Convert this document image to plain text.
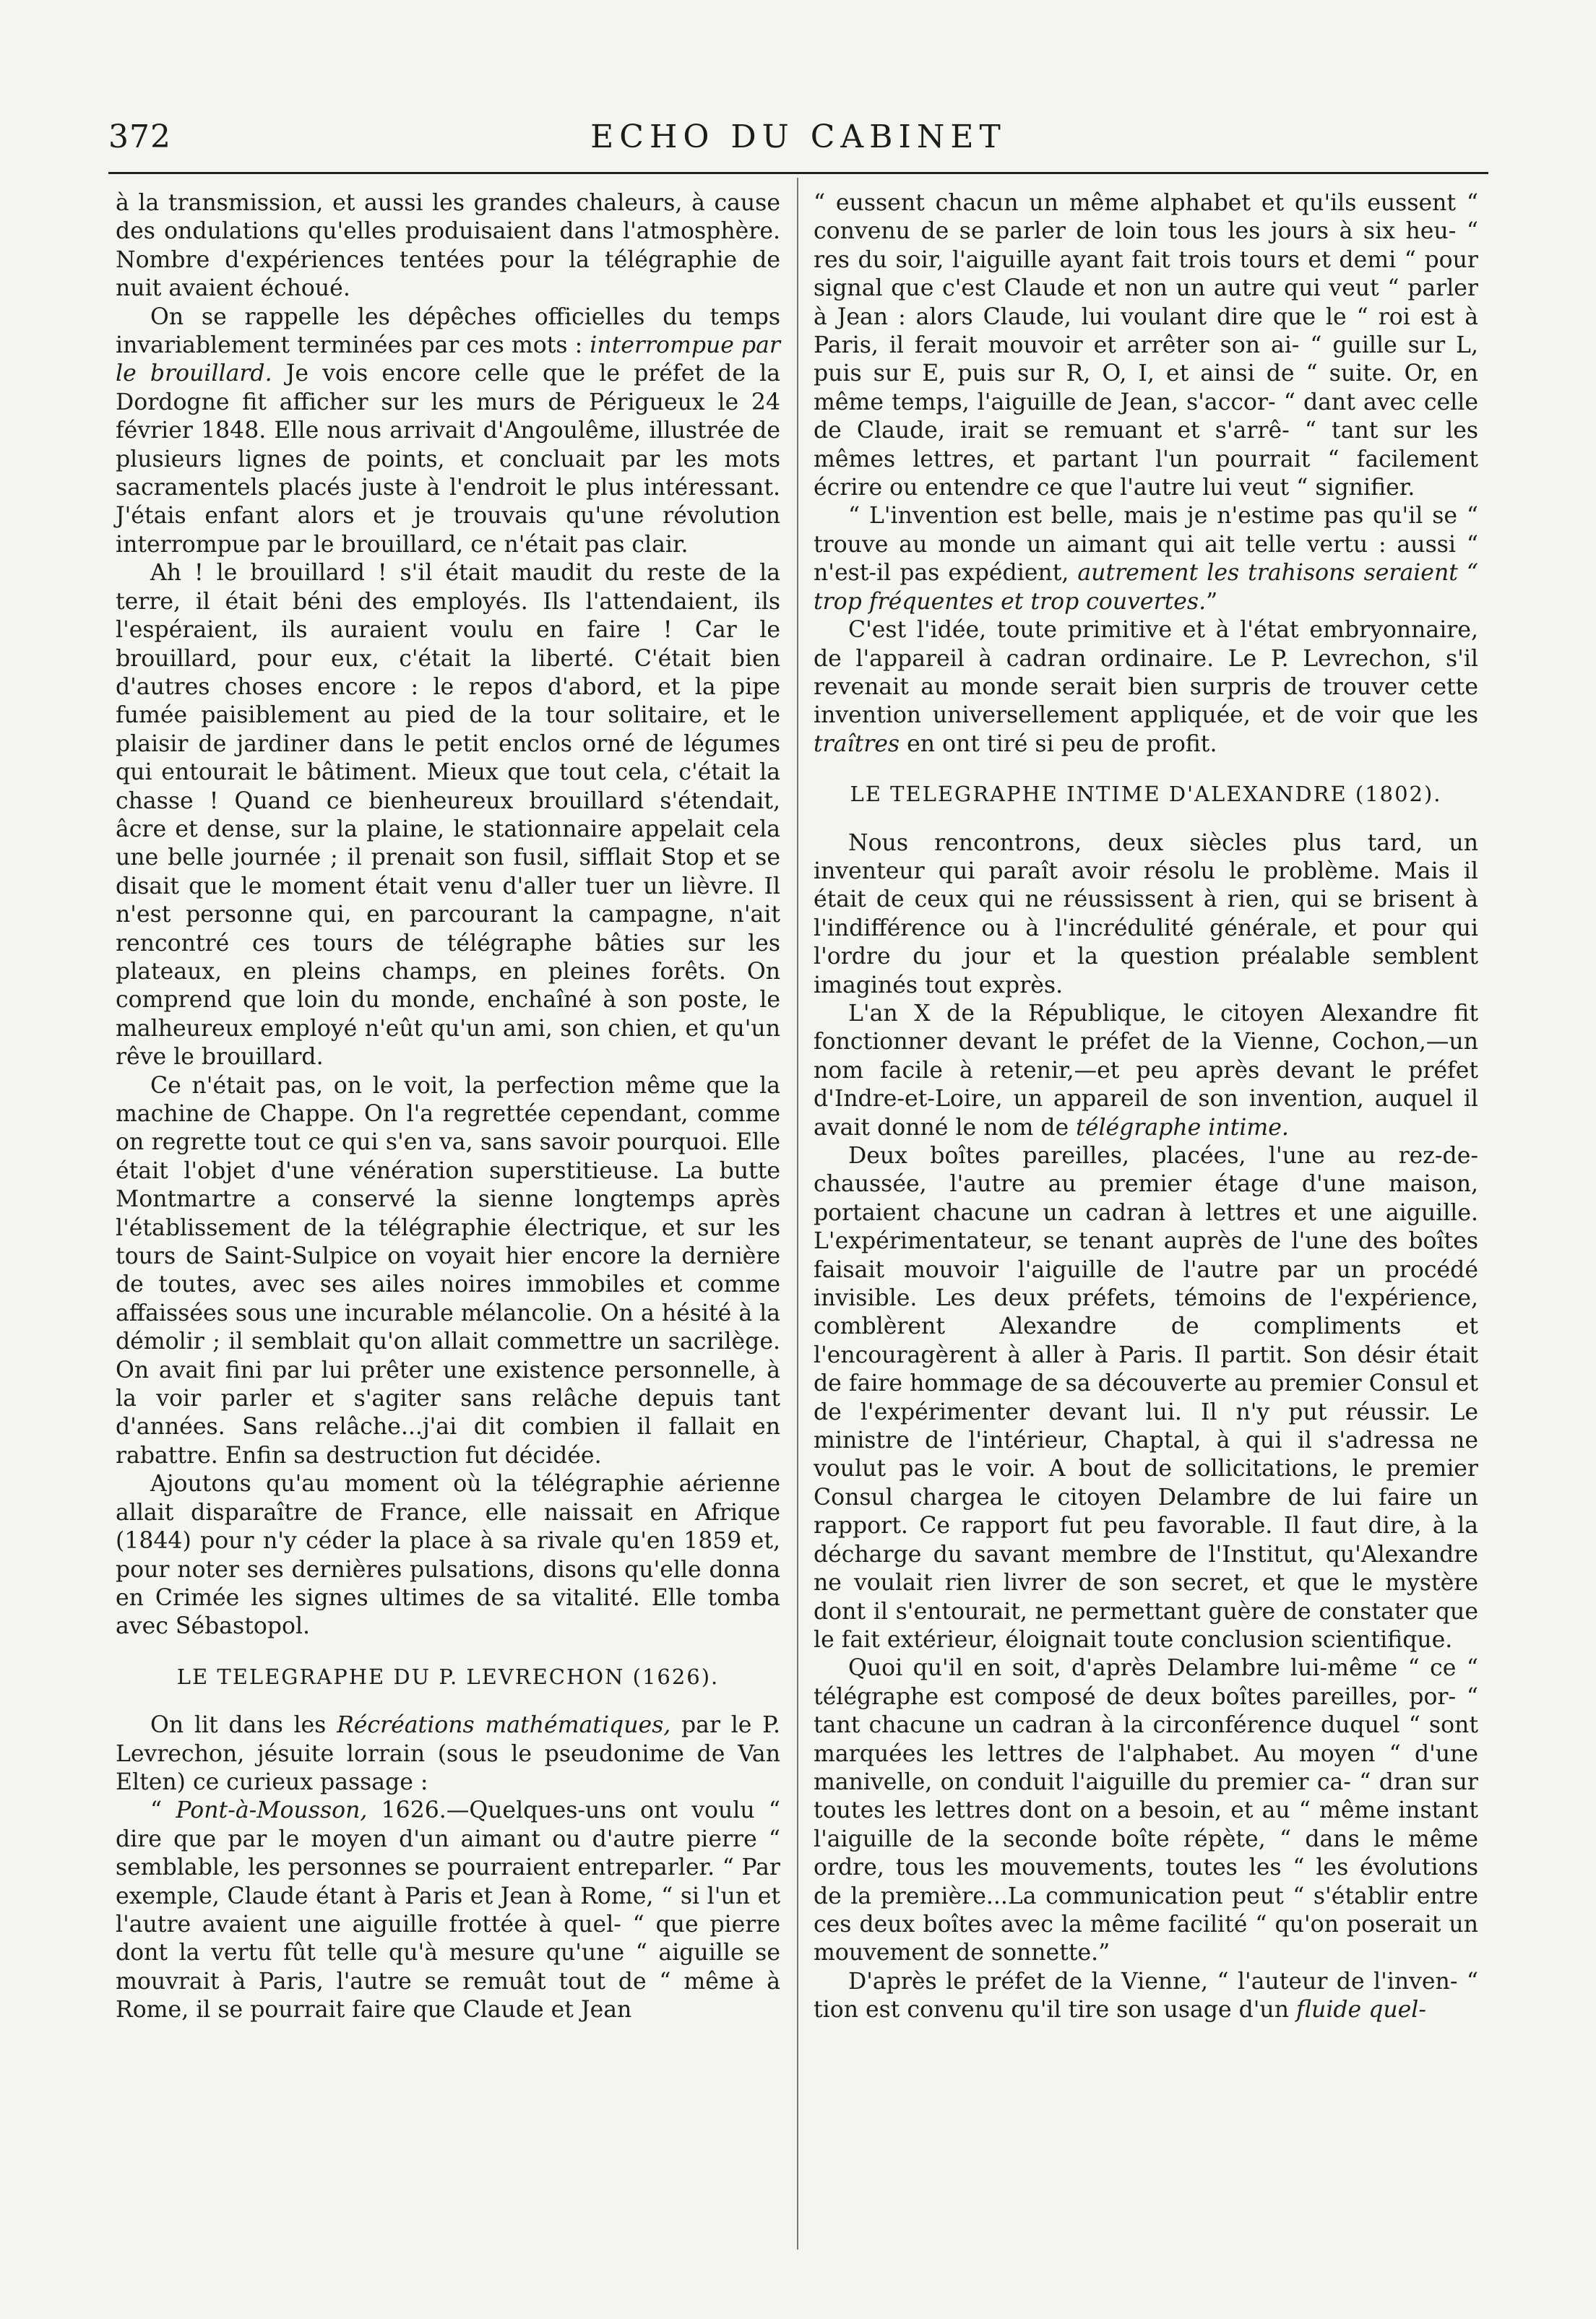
372	ECHO DU CABINET

à la transmission, et aussi les grandes chaleurs, à cause des ondulations qu'elles produisaient dans l'atmosphère. Nombre d'expériences tentées pour la télégraphie de nuit avaient échoué.

On se rappelle les dépêches officielles du temps invariablement terminées par ces mots : interrompue par le brouillard. Je vois encore celle que le préfet de la Dordogne fit afficher sur les murs de Périgueux le 24 février 1848. Elle nous arrivait d'Angoulême, illustrée de plusieurs lignes de points, et concluait par les mots sacramentels placés juste à l'endroit le plus intéressant. J'étais enfant alors et je trouvais qu'une révolution interrompue par le brouillard, ce n'était pas clair.

Ah ! le brouillard ! s'il était maudit du reste de la terre, il était béni des employés. Ils l'attendaient, ils l'espéraient, ils auraient voulu en faire ! Car le brouillard, pour eux, c'était la liberté. C'était bien d'autres choses encore : le repos d'abord, et la pipe fumée paisiblement au pied de la tour solitaire, et le plaisir de jardiner dans le petit enclos orné de légumes qui entourait le bâtiment. Mieux que tout cela, c'était la chasse ! Quand ce bienheureux brouillard s'étendait, âcre et dense, sur la plaine, le stationnaire appelait cela une belle journée ; il prenait son fusil, sifflait Stop et se disait que le moment était venu d'aller tuer un lièvre. Il n'est personne qui, en parcourant la campagne, n'ait rencontré ces tours de télégraphe bâties sur les plateaux, en pleins champs, en pleines forêts. On comprend que loin du monde, enchaîné à son poste, le malheureux employé n'eût qu'un ami, son chien, et qu'un rêve le brouillard.

Ce n'était pas, on le voit, la perfection même que la machine de Chappe. On l'a regrettée cependant, comme on regrette tout ce qui s'en va, sans savoir pourquoi. Elle était l'objet d'une vénération superstitieuse. La butte Montmartre a conservé la sienne longtemps après l'établissement de la télégraphie électrique, et sur les tours de Saint-Sulpice on voyait hier encore la dernière de toutes, avec ses ailes noires immobiles et comme affaissées sous une incurable mélancolie. On a hésité à la démolir ; il semblait qu'on allait commettre un sacrilège. On avait fini par lui prêter une existence personnelle, à la voir parler et s'agiter sans relâche depuis tant d'années. Sans relâche...j'ai dit combien il fallait en rabattre. Enfin sa destruction fut décidée.

Ajoutons qu'au moment où la télégraphie aérienne allait disparaître de France, elle naissait en Afrique (1844) pour n'y céder la place à sa rivale qu'en 1859 et, pour noter ses dernières pulsations, disons qu'elle donna en Crimée les signes ultimes de sa vitalité. Elle tomba avec Sébastopol.

LE TELEGRAPHE DU P. LEVRECHON (1626).

On lit dans les Récréations mathématiques, par le P. Levrechon, jésuite lorrain (sous le pseudonime de Van Elten) ce curieux passage :

“ Pont-à-Mousson, 1626.—Quelques-uns ont voulu “ dire que par le moyen d'un aimant ou d'autre pierre “ semblable, les personnes se pourraient entreparler. “ Par exemple, Claude étant à Paris et Jean à Rome, “ si l'un et l'autre avaient une aiguille frottée à quel- “ que pierre dont la vertu fût telle qu'à mesure qu'une “ aiguille se mouvrait à Paris, l'autre se remuât tout de “ même à Rome, il se pourrait faire que Claude et Jean

“ eussent chacun un même alphabet et qu'ils eussent “ convenu de se parler de loin tous les jours à six heu- “ res du soir, l'aiguille ayant fait trois tours et demi “ pour signal que c'est Claude et non un autre qui veut “ parler à Jean : alors Claude, lui voulant dire que le “ roi est à Paris, il ferait mouvoir et arrêter son ai- “ guille sur L, puis sur E, puis sur R, O, I, et ainsi de “ suite. Or, en même temps, l'aiguille de Jean, s'accor- “ dant avec celle de Claude, irait se remuant et s'arrê- “ tant sur les mêmes lettres, et partant l'un pourrait “ facilement écrire ou entendre ce que l'autre lui veut “ signifier.

“ L'invention est belle, mais je n'estime pas qu'il se “ trouve au monde un aimant qui ait telle vertu : aussi “ n'est-il pas expédient, autrement les trahisons seraient “ trop fréquentes et trop couvertes.”

C'est l'idée, toute primitive et à l'état embryonnaire, de l'appareil à cadran ordinaire. Le P. Levrechon, s'il revenait au monde serait bien surpris de trouver cette invention universellement appliquée, et de voir que les traîtres en ont tiré si peu de profit.

LE TELEGRAPHE INTIME D'ALEXANDRE (1802).

Nous rencontrons, deux siècles plus tard, un inventeur qui paraît avoir résolu le problème. Mais il était de ceux qui ne réussissent à rien, qui se brisent à l'indifférence ou à l'incrédulité générale, et pour qui l'ordre du jour et la question préalable semblent imaginés tout exprès.

L'an X de la République, le citoyen Alexandre fit fonctionner devant le préfet de la Vienne, Cochon,—un nom facile à retenir,—et peu après devant le préfet d'Indre-et-Loire, un appareil de son invention, auquel il avait donné le nom de télégraphe intime.

Deux boîtes pareilles, placées, l'une au rez-de-chaussée, l'autre au premier étage d'une maison, portaient chacune un cadran à lettres et une aiguille. L'expérimentateur, se tenant auprès de l'une des boîtes faisait mouvoir l'aiguille de l'autre par un procédé invisible. Les deux préfets, témoins de l'expérience, comblèrent Alexandre de compliments et l'encouragèrent à aller à Paris. Il partit. Son désir était de faire hommage de sa découverte au premier Consul et de l'expérimenter devant lui. Il n'y put réussir. Le ministre de l'intérieur, Chaptal, à qui il s'adressa ne voulut pas le voir. A bout de sollicitations, le premier Consul chargea le citoyen Delambre de lui faire un rapport. Ce rapport fut peu favorable. Il faut dire, à la décharge du savant membre de l'Institut, qu'Alexandre ne voulait rien livrer de son secret, et que le mystère dont il s'entourait, ne permettant guère de constater que le fait extérieur, éloignait toute conclusion scientifique.

Quoi qu'il en soit, d'après Delambre lui-même “ ce “ télégraphe est composé de deux boîtes pareilles, por- “ tant chacune un cadran à la circonférence duquel “ sont marquées les lettres de l'alphabet. Au moyen “ d'une manivelle, on conduit l'aiguille du premier ca- “ dran sur toutes les lettres dont on a besoin, et au “ même instant l'aiguille de la seconde boîte répète, “ dans le même ordre, tous les mouvements, toutes les “ les évolutions de la première...La communication peut “ s'établir entre ces deux boîtes avec la même facilité “ qu'on poserait un mouvement de sonnette.”

D'après le préfet de la Vienne, “ l'auteur de l'inven- “ tion est convenu qu'il tire son usage d'un fluide quel-
